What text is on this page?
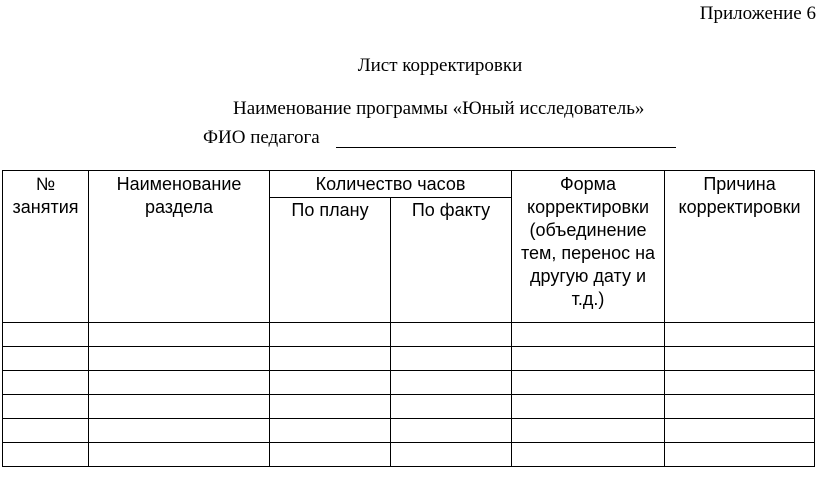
Приложение 6
Лист корректировки
Наименование программы «Юный исследователь»
ФИО педагога
№ занятия	Наименование раздела	Количество часов		Форма корректировки (объединение тем, перенос на другую дату и т.д.)	Причина корректировки
		По плану	По факту		
